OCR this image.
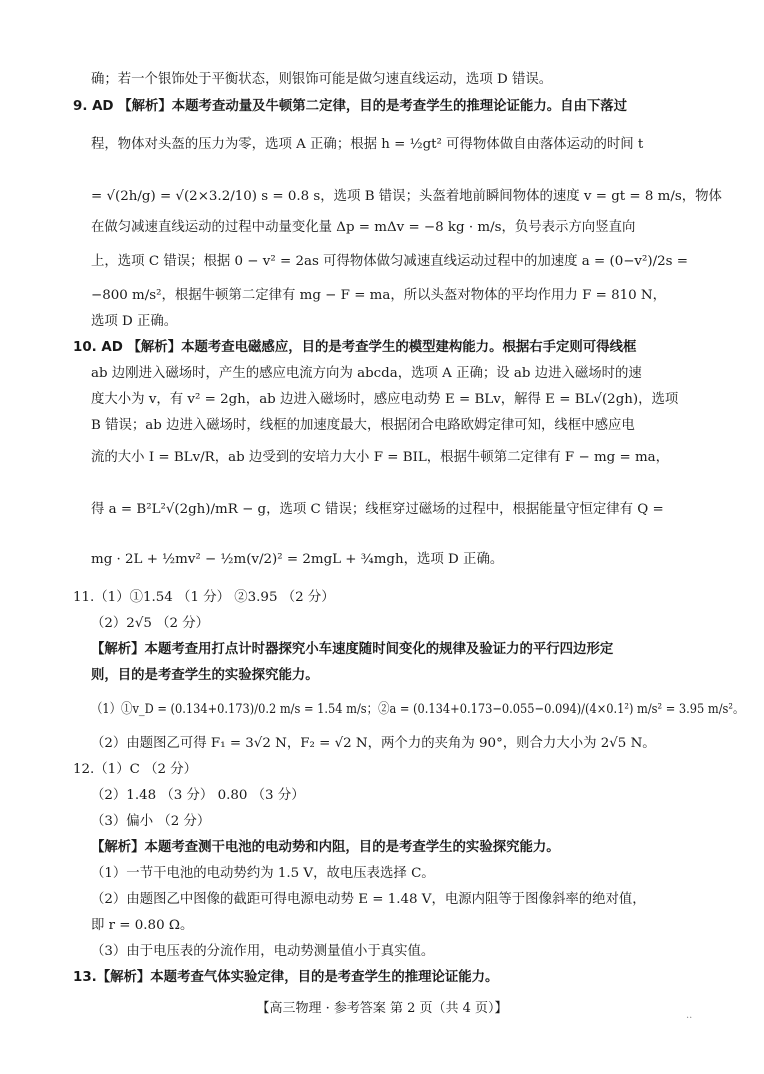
确；若一个银饰处于平衡状态，则银饰可能是做匀速直线运动，选项 D 错误。
9. AD 【解析】本题考查动量及牛顿第二定律，目的是考查学生的推理论证能力。自由下落过
程，物体对头盔的压力为零，选项 A 正确；根据 h = ½gt² 可得物体做自由落体运动的时间 t
= √(2h/g) = √(2×3.2/10) s = 0.8 s，选项 B 错误；头盔着地前瞬间物体的速度 v = gt = 8 m/s，物体
在做匀减速直线运动的过程中动量变化量 Δp = mΔv = −8 kg · m/s，负号表示方向竖直向
上，选项 C 错误；根据 0 − v² = 2as 可得物体做匀减速直线运动过程中的加速度 a = (0−v²)/2s =
−800 m/s²，根据牛顿第二定律有 mg − F = ma，所以头盔对物体的平均作用力 F = 810 N，
选项 D 正确。
10. AD 【解析】本题考查电磁感应，目的是考查学生的模型建构能力。根据右手定则可得线框
ab 边刚进入磁场时，产生的感应电流方向为 abcda，选项 A 正确；设 ab 边进入磁场时的速
度大小为 v，有 v² = 2gh，ab 边进入磁场时，感应电动势 E = BLv，解得 E = BL√(2gh)，选项
B 错误；ab 边进入磁场时，线框的加速度最大，根据闭合电路欧姆定律可知，线框中感应电
流的大小 I = BLv/R，ab 边受到的安培力大小 F = BIL，根据牛顿第二定律有 F − mg = ma，
得 a = B²L²√(2gh)/mR − g，选项 C 错误；线框穿过磁场的过程中，根据能量守恒定律有 Q =
mg · 2L + ½mv² − ½m(v/2)² = 2mgL + ¾mgh，选项 D 正确。
11.（1）①1.54 （1 分） ②3.95 （2 分）
（2）2√5 （2 分）
【解析】本题考查用打点计时器探究小车速度随时间变化的规律及验证力的平行四边形定
则，目的是考查学生的实验探究能力。
（1）①v_D = (0.134+0.173)/0.2 m/s = 1.54 m/s；②a = (0.134+0.173−0.055−0.094)/(4×0.1²) m/s² = 3.95 m/s²。
（2）由题图乙可得 F₁ = 3√2 N，F₂ = √2 N，两个力的夹角为 90°，则合力大小为 2√5 N。
12.（1）C （2 分）
（2）1.48 （3 分） 0.80 （3 分）
（3）偏小 （2 分）
【解析】本题考查测干电池的电动势和内阻，目的是考查学生的实验探究能力。
（1）一节干电池的电动势约为 1.5 V，故电压表选择 C。
（2）由题图乙中图像的截距可得电源电动势 E = 1.48 V，电源内阻等于图像斜率的绝对值，
即 r = 0.80 Ω。
（3）由于电压表的分流作用，电动势测量值小于真实值。
13.【解析】本题考查气体实验定律，目的是考查学生的推理论证能力。
【高三物理 · 参考答案 第 2 页（共 4 页）】	..
